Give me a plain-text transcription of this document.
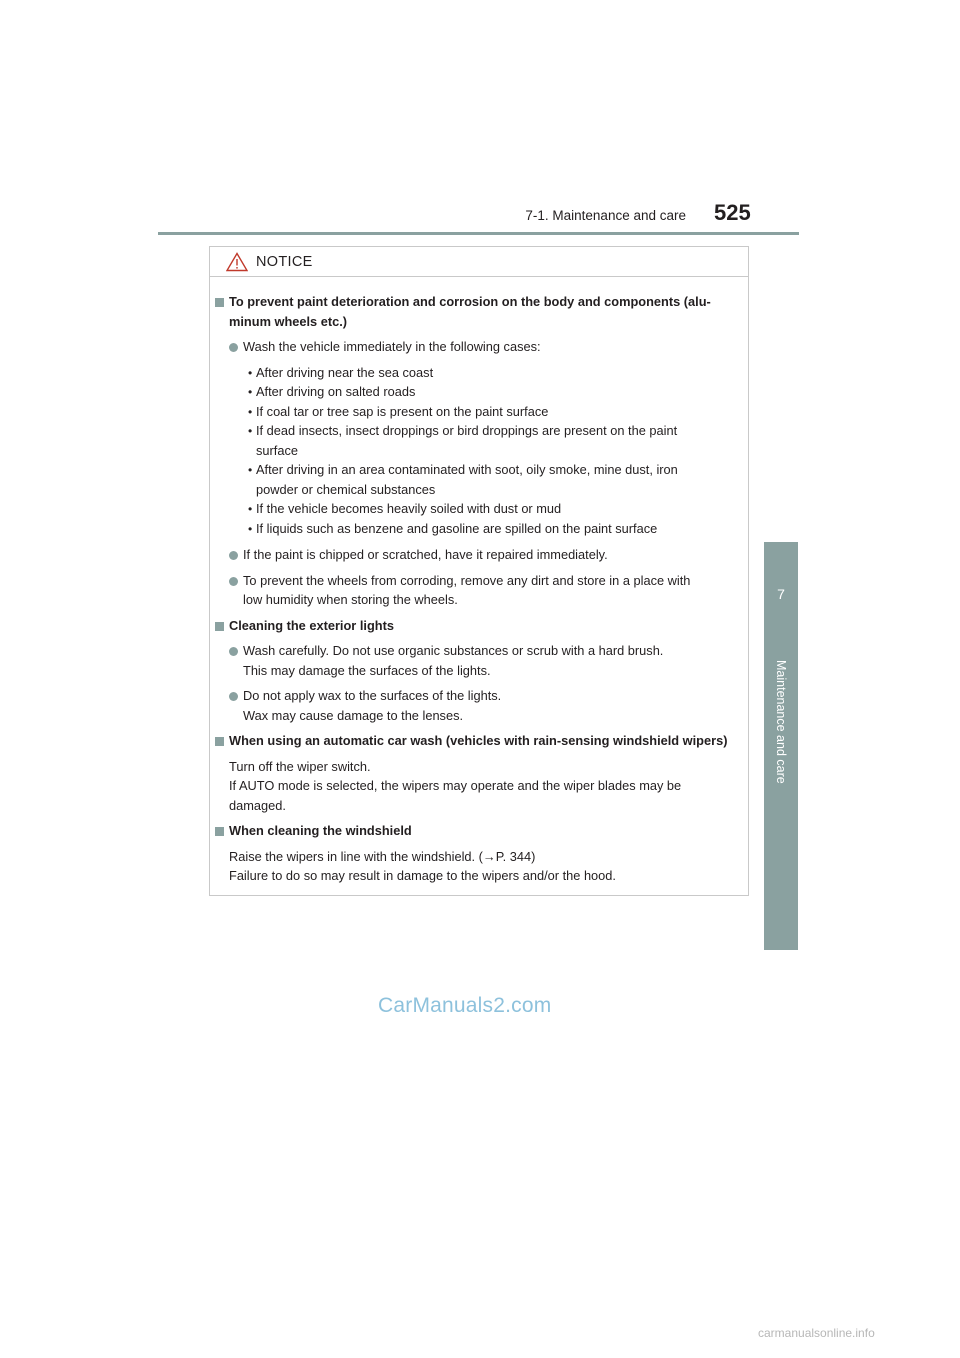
7-1. Maintenance and care 525
7
Maintenance and care
NOTICE
To prevent paint deterioration and corrosion on the body and components (alu-
minum wheels etc.)
Wash the vehicle immediately in the following cases:
• After driving near the sea coast
• After driving on salted roads
• If coal tar or tree sap is present on the paint surface
• If dead insects, insect droppings or bird droppings are present on the paint
surface
• After driving in an area contaminated with soot, oily smoke, mine dust, iron
powder or chemical substances
• If the vehicle becomes heavily soiled with dust or mud
• If liquids such as benzene and gasoline are spilled on the paint surface
If the paint is chipped or scratched, have it repaired immediately.
To prevent the wheels from corroding, remove any dirt and store in a place with
low humidity when storing the wheels.
Cleaning the exterior lights
Wash carefully. Do not use organic substances or scrub with a hard brush.
This may damage the surfaces of the lights.
Do not apply wax to the surfaces of the lights.
Wax may cause damage to the lenses.
When using an automatic car wash (vehicles with rain-sensing windshield wipers)
Turn off the wiper switch.
If AUTO mode is selected, the wipers may operate and the wiper blades may be
damaged.
When cleaning the windshield
Raise the wipers in line with the windshield. (→P. 344)
Failure to do so may result in damage to the wipers and/or the hood.
CarManuals2.com
carmanualsonline.info
